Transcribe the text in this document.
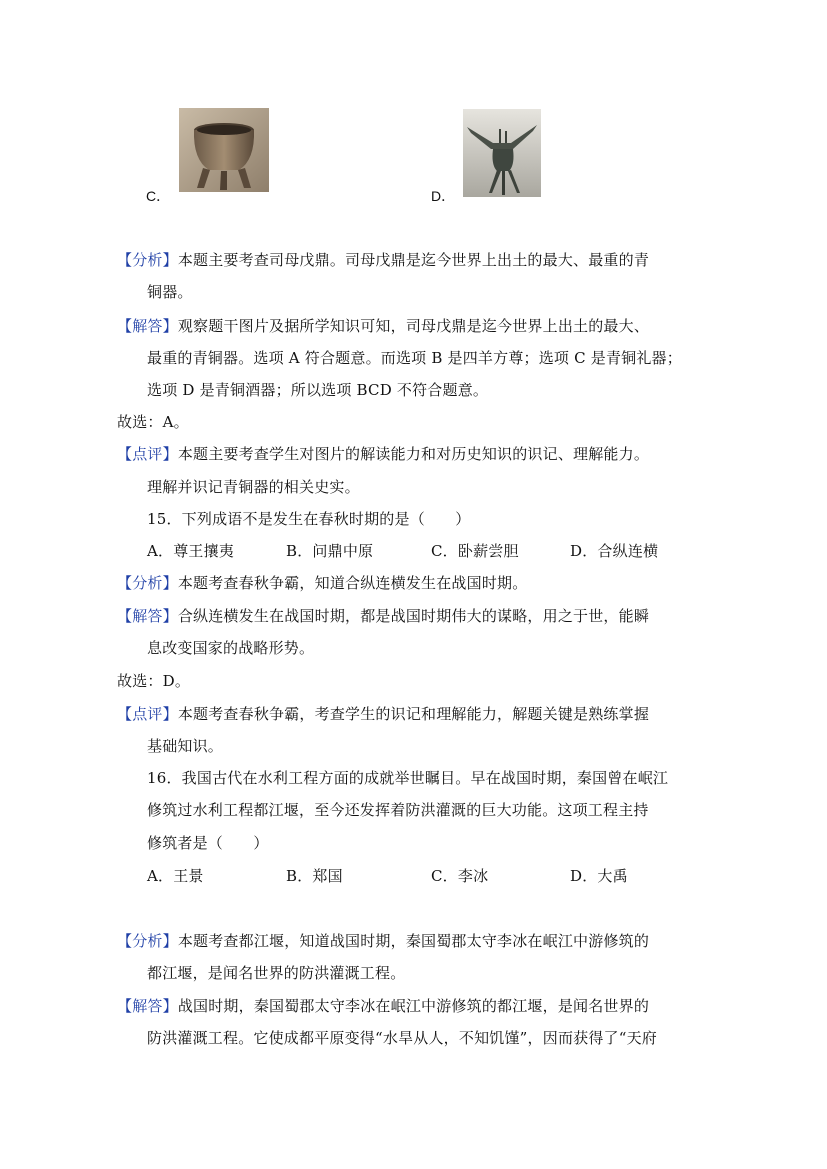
C．	D．
【分析】本题主要考查司母戊鼎。司母戊鼎是迄今世界上出土的最大、最重的青
铜器。
【解答】观察题干图片及据所学知识可知，司母戊鼎是迄今世界上出土的最大、
最重的青铜器。选项 A 符合题意。而选项 B 是四羊方尊；选项 C 是青铜礼器；
选项 D 是青铜酒器；所以选项 BCD 不符合题意。
故选：A。
【点评】本题主要考查学生对图片的解读能力和对历史知识的识记、理解能力。
理解并识记青铜器的相关史实。
15．下列成语不是发生在春秋时期的是（　　）
A．尊王攘夷	B．问鼎中原	C．卧薪尝胆	D．合纵连横
【分析】本题考查春秋争霸，知道合纵连横发生在战国时期。
【解答】合纵连横发生在战国时期，都是战国时期伟大的谋略，用之于世，能瞬
息改变国家的战略形势。
故选：D。
【点评】本题考查春秋争霸，考查学生的识记和理解能力，解题关键是熟练掌握
基础知识。
16．我国古代在水利工程方面的成就举世瞩目。早在战国时期，秦国曾在岷江
修筑过水利工程都江堰，至今还发挥着防洪灌溉的巨大功能。这项工程主持
修筑者是（　　）
A．王景	B．郑国	C．李冰	D．大禹
【分析】本题考查都江堰，知道战国时期，秦国蜀郡太守李冰在岷江中游修筑的
都江堰，是闻名世界的防洪灌溉工程。
【解答】战国时期，秦国蜀郡太守李冰在岷江中游修筑的都江堰，是闻名世界的
防洪灌溉工程。它使成都平原变得“水旱从人，不知饥馑”，因而获得了“天府
